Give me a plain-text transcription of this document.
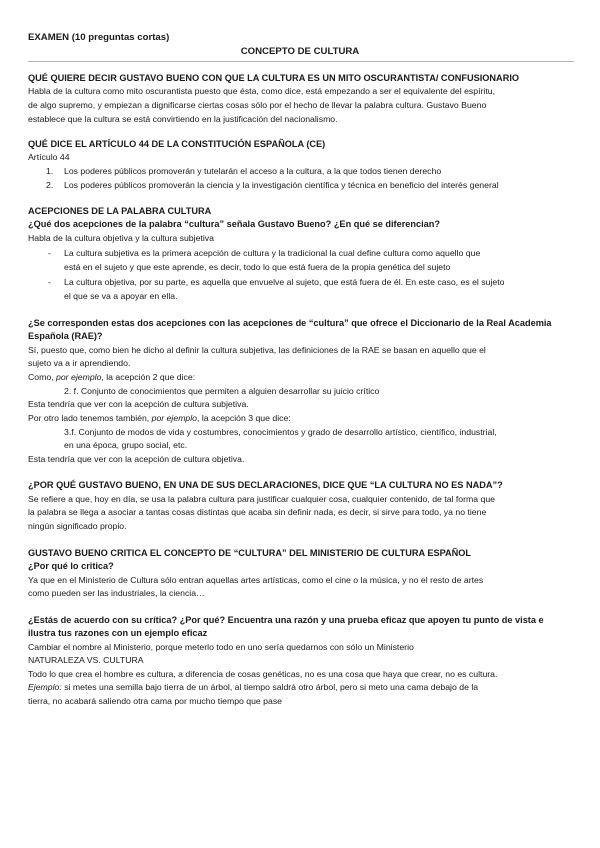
EXAMEN (10 preguntas cortas)
CONCEPTO DE CULTURA
QUÉ QUIERE DECIR GUSTAVO BUENO CON QUE LA CULTURA ES UN MITO OSCURANTISTA/ CONFUSIONARIO
Habla de la cultura como mito oscurantista puesto que ésta, como dice, está empezando a ser el equivalente del espíritu,
de algo supremo, y empiezan a dignificarse ciertas cosas sólo por el hecho de llevar la palabra cultura. Gustavo Bueno
establece que la cultura se está convirtiendo en la justificación del nacionalismo.
QUÉ DICE EL ARTÍCULO 44 DE LA CONSTITUCIÓN ESPAÑOLA (CE)
Artículo 44
1. Los poderes públicos promoverán y tutelarán el acceso a la cultura, a la que todos tienen derecho
2. Los poderes públicos promoverán la ciencia y la investigación científica y técnica en beneficio del interés general
ACEPCIONES DE LA PALABRA CULTURA
¿Qué dos acepciones de la palabra “cultura” señala Gustavo Bueno? ¿En qué se diferencian?
Habla de la cultura objetiva y la cultura subjetiva
- La cultura subjetiva es la primera acepción de cultura y la tradicional la cual define cultura como aquello que
está en el sujeto y que este aprende, es decir, todo lo que está fuera de la propia genética del sujeto
- La cultura objetiva, por su parte, es aquella que envuelve al sujeto, que está fuera de él. En este caso, es el sujeto
el que se va a apoyar en ella.
¿Se corresponden estas dos acepciones con las acepciones de “cultura” que ofrece el Diccionario de la Real Academia
Española (RAE)?
Sí, puesto que, como bien he dicho al definir la cultura subjetiva, las definiciones de la RAE se basan en aquello que el
sujeto va a ir aprendiendo.
Como, por ejemplo, la acepción 2 que dice:
2. f. Conjunto de conocimientos que permiten a alguien desarrollar su juicio crítico
Esta tendría que ver con la acepción de cultura subjetiva.
Por otro lado tenemos también, por ejemplo, la acepción 3 que dice:
3.f. Conjunto de modos de vida y costumbres, conocimientos y grado de desarrollo artístico, científico, industrial,
en una época, grupo social, etc.
Esta tendría que ver con la acepción de cultura objetiva.
¿POR QUÉ GUSTAVO BUENO, EN UNA DE SUS DECLARACIONES, DICE QUE “LA CULTURA NO ES NADA”?
Se refiere a que, hoy en día, se usa la palabra cultura para justificar cualquier cosa, cualquier contenido, de tal forma que
la palabra se llega a asociar a tantas cosas distintas que acaba sin definir nada, es decir, si sirve para todo, ya no tiene
ningún significado propio.
GUSTAVO BUENO CRITICA EL CONCEPTO DE “CULTURA” DEL MINISTERIO DE CULTURA ESPAÑOL
¿Por qué lo critica?
Ya que en el Ministerio de Cultura sólo entran aquellas artes artísticas, como el cine o la música, y no el resto de artes
como pueden ser las industriales, la ciencia…
¿Estás de acuerdo con su crítica? ¿Por qué? Encuentra una razón y una prueba eficaz que apoyen tu punto de vista e
ilustra tus razones con un ejemplo eficaz
Cambiar el nombre al Ministerio, porque meterlo todo en uno sería quedarnos con sólo un Ministerio
NATURALEZA VS. CULTURA
Todo lo que crea el hombre es cultura, a diferencia de cosas genéticas, no es una cosa que haya que crear, no es cultura.
Ejemplo: si metes una semilla bajo tierra de un árbol, al tiempo saldrá otro árbol, pero si meto una cama debajo de la
tierra, no acabará saliendo otra cama por mucho tiempo que pase
